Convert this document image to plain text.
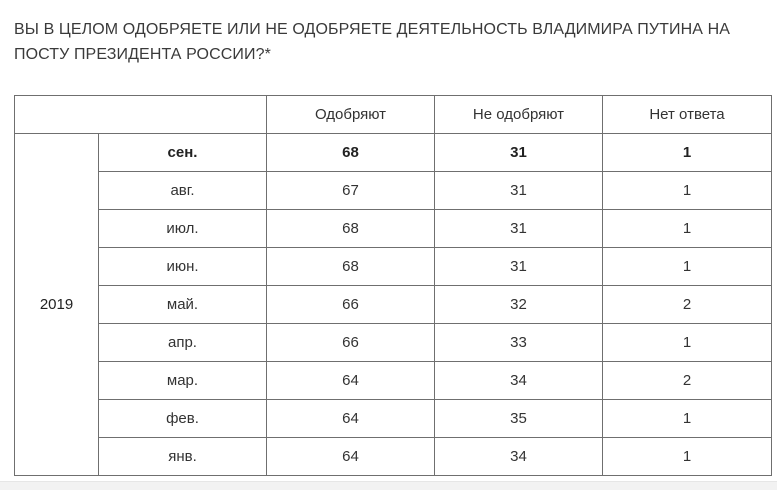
ВЫ В ЦЕЛОМ ОДОБРЯЕТЕ ИЛИ НЕ ОДОБРЯЕТЕ ДЕЯТЕЛЬНОСТЬ ВЛАДИМИРА ПУТИНА НА ПОСТУ ПРЕЗИДЕНТА РОССИИ?*
		Одобряют	Не одобряют	Нет ответа
2019	сен.	68	31	1
	авг.	67	31	1
	июл.	68	31	1
	июн.	68	31	1
	май.	66	32	2
	апр.	66	33	1
	мар.	64	34	2
	фев.	64	35	1
	янв.	64	34	1
